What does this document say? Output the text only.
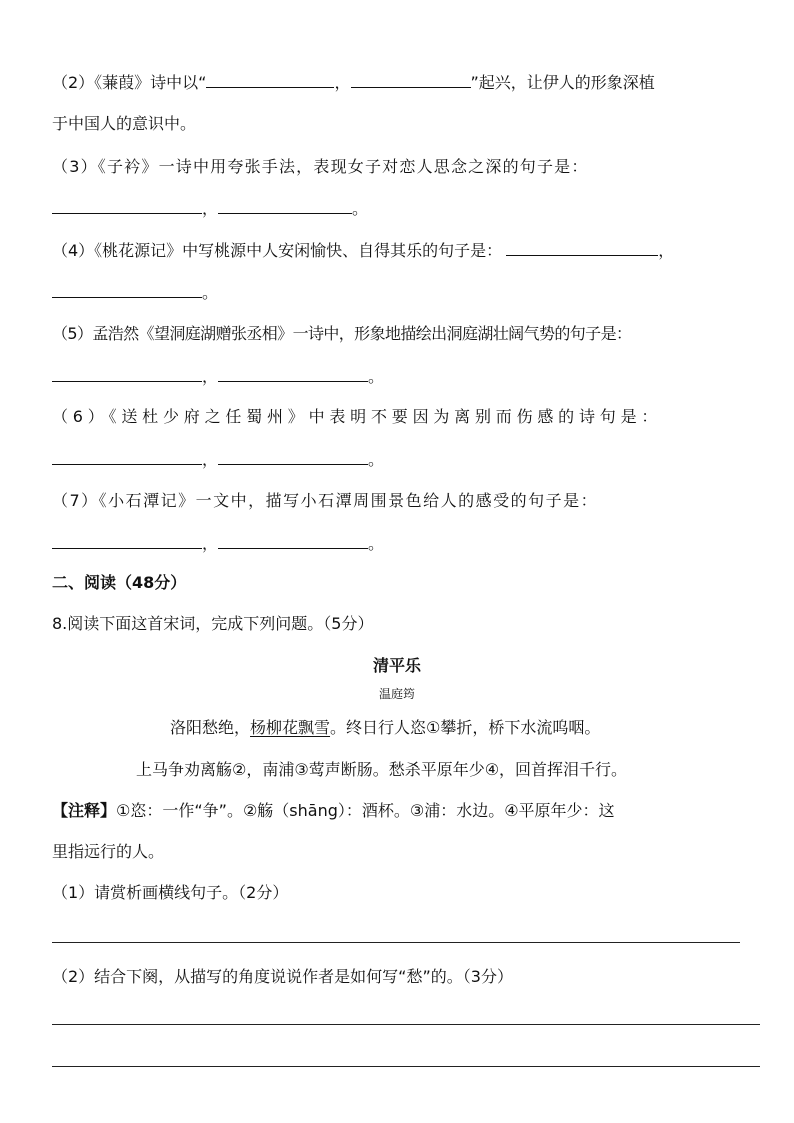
（2）《蒹葭》诗中以“	，	”起兴，让伊人的形象深植
于中国人的意识中。
（3）《子衿》一诗中用夸张手法，表现女子对恋人思念之深的句子是：
，	。
（4）《桃花源记》中写桃源中人安闲愉快、自得其乐的句子是：	，
。
（5）孟浩然《望洞庭湖赠张丞相》一诗中，形象地描绘出洞庭湖壮阔气势的句子是：
，	。
（6）《送杜少府之任蜀州》中表明不要因为离别而伤感的诗句是：
，	。
（7）《小石潭记》一文中，描写小石潭周围景色给人的感受的句子是：
，	。
二、阅读（48分）
8.阅读下面这首宋词，完成下列问题。（5分）
清平乐
温庭筠
洛阳愁绝，杨柳花飘雪。终日行人恣①攀折，桥下水流呜咽。
上马争劝离觞②，南浦③莺声断肠。愁杀平原年少④，回首挥泪千行。
【注释】①恣：一作“争”。②觞（shāng）：酒杯。③浦：水边。④平原年少：这
里指远行的人。
（1）请赏析画横线句子。（2分）
（2）结合下阕，从描写的角度说说作者是如何写“愁”的。（3分）
